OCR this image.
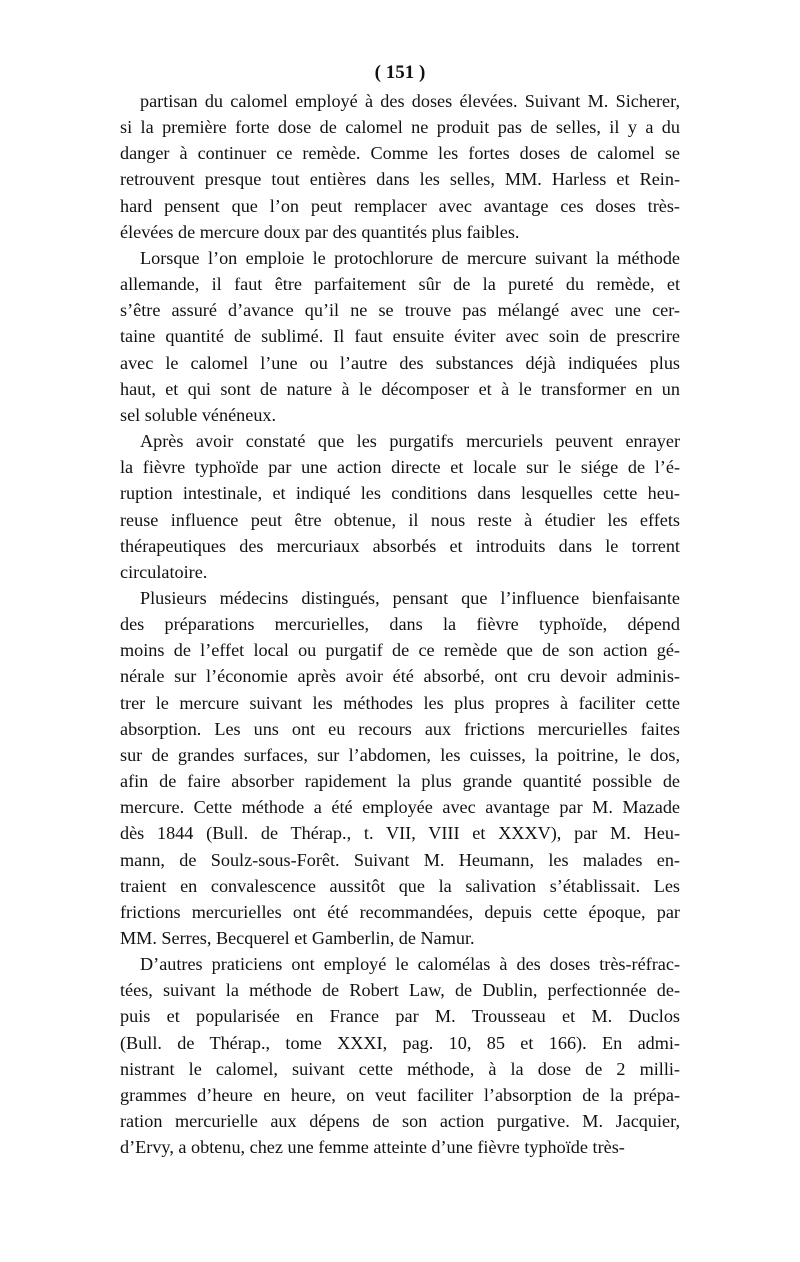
( 151 )
partisan du calomel employé à des doses élevées. Suivant M. Sicherer,
si la première forte dose de calomel ne produit pas de selles, il y a du
danger à continuer ce remède. Comme les fortes doses de calomel se
retrouvent presque tout entières dans les selles, MM. Harless et Rein-
hard pensent que l’on peut remplacer avec avantage ces doses très-
élevées de mercure doux par des quantités plus faibles.
Lorsque l’on emploie le protochlorure de mercure suivant la méthode
allemande, il faut être parfaitement sûr de la pureté du remède, et
s’être assuré d’avance qu’il ne se trouve pas mélangé avec une cer-
taine quantité de sublimé. Il faut ensuite éviter avec soin de prescrire
avec le calomel l’une ou l’autre des substances déjà indiquées plus
haut, et qui sont de nature à le décomposer et à le transformer en un
sel soluble vénéneux.
Après avoir constaté que les purgatifs mercuriels peuvent enrayer
la fièvre typhoïde par une action directe et locale sur le siége de l’é-
ruption intestinale, et indiqué les conditions dans lesquelles cette heu-
reuse influence peut être obtenue, il nous reste à étudier les effets
thérapeutiques des mercuriaux absorbés et introduits dans le torrent
circulatoire.
Plusieurs médecins distingués, pensant que l’influence bienfaisante
des préparations mercurielles, dans la fièvre typhoïde, dépend
moins de l’effet local ou purgatif de ce remède que de son action gé-
nérale sur l’économie après avoir été absorbé, ont cru devoir adminis-
trer le mercure suivant les méthodes les plus propres à faciliter cette
absorption. Les uns ont eu recours aux frictions mercurielles faites
sur de grandes surfaces, sur l’abdomen, les cuisses, la poitrine, le dos,
afin de faire absorber rapidement la plus grande quantité possible de
mercure. Cette méthode a été employée avec avantage par M. Mazade
dès 1844 (Bull. de Thérap., t. VII, VIII et XXXV), par M. Heu-
mann, de Soulz-sous-Forêt. Suivant M. Heumann, les malades en-
traient en convalescence aussitôt que la salivation s’établissait. Les
frictions mercurielles ont été recommandées, depuis cette époque, par
MM. Serres, Becquerel et Gamberlin, de Namur.
D’autres praticiens ont employé le calomélas à des doses très-réfrac-
tées, suivant la méthode de Robert Law, de Dublin, perfectionnée de-
puis et popularisée en France par M. Trousseau et M. Duclos
(Bull. de Thérap., tome XXXI, pag. 10, 85 et 166). En admi-
nistrant le calomel, suivant cette méthode, à la dose de 2 milli-
grammes d’heure en heure, on veut faciliter l’absorption de la prépa-
ration mercurielle aux dépens de son action purgative. M. Jacquier,
d’Ervy, a obtenu, chez une femme atteinte d’une fièvre typhoïde très-
